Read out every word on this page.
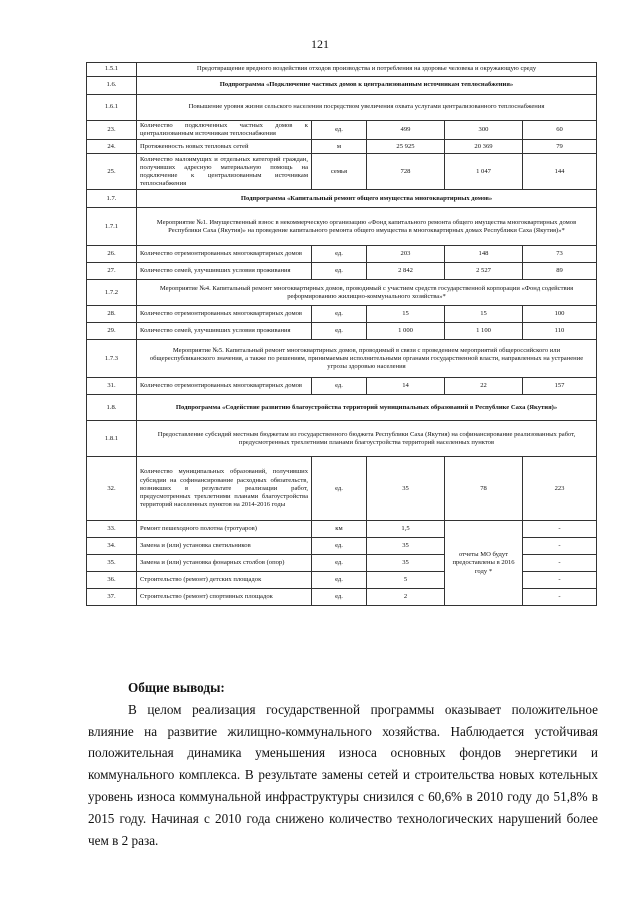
121
1.5.1	Предотвращение вредного воздействия отходов производства и потребления на здоровье человека и окружающую среду				
1.6.	Подпрограмма «Подключение частных домов к централизованным источникам теплоснабжения»				
1.6.1	Повышение уровня жизни сельского населения посредством увеличения охвата услугами централизованного теплоснабжения				
23.	Количество подключенных частных домов к централизованным источникам теплоснабжения	ед.	499	300	60
24.	Протяженность новых тепловых сетей	м	25 925	20 369	79
25.	Количество малоимущих и отдельных категорий граждан, получивших адресную материальную помощь на подключение к централизованным источникам теплоснабжения	семья	728	1 047	144
1.7.	Подпрограмма «Капитальный ремонт общего имущества многоквартирных домов»				
1.7.1	Мероприятие №1. Имущественный взнос в некоммерческую организацию «Фонд капитального ремонта общего имущества многоквартирных домов Республики Саха (Якутия)» на проведение капитального ремонта общего имущества в многоквартирных домах Республики Саха (Якутия)»*				
26.	Количество отремонтированных многоквартирных домов	ед.	203	148	73
27.	Количество семей, улучшивших условия проживания	ед.	2 842	2 527	89
1.7.2	Мероприятие №4. Капитальный ремонт многоквартирных домов, проводимый с участием средств государственной корпорации «Фонд содействия реформированию жилищно-коммунального хозяйства»*				
28.	Количество отремонтированных многоквартирных домов	ед.	15	15	100
29.	Количество семей, улучшивших условия проживания	ед.	1 000	1 100	110
1.7.3	Мероприятие №5. Капитальный ремонт многоквартирных домов, проводимый в связи с проведением мероприятий общероссийского или общереспубликанского значения, а также по решениям, принимаемым исполнительными органами государственной власти, направленных на устранение угрозы здоровью населения				
31.	Количество отремонтированных многоквартирных домов	ед.	14	22	157
1.8.	Подпрограмма «Содействие развитию благоустройства территорий муниципальных образований в Республике Саха (Якутия)»				
1.8.1	Предоставление субсидий местным бюджетам из государственного бюджета Республики Саха (Якутия) на софинансирование реализованных работ, предусмотренных трехлетними планами благоустройства территорий населенных пунктов				
32.	Количество муниципальных образований, получивших субсидии на софинансирование расходных обязательств, возникших в результате реализации работ, предусмотренных трехлетними планами благоустройства территорий населенных пунктов на 2014-2016 годы	ед.	35	78	223
33.	Ремонт пешеходного полотна (тротуаров)	км	1,5	отчеты МО будут предоставлены в 2016 году *	-
34.	Замена и (или) установка светильников	ед.	35		-
35.	Замена и (или) установка фонарных столбов (опор)	ед.	35		-
36.	Строительство (ремонт) детских площадок	ед.	5		-
37.	Строительство (ремонт) спортивных площадок	ед.	2		-
Общие выводы:

В целом реализация государственной программы оказывает положительное влияние на развитие жилищно-коммунального хозяйства. Наблюдается устойчивая положительная динамика уменьшения износа основных фондов энергетики и коммунального комплекса. В результате замены сетей и строительства новых котельных уровень износа коммунальной инфраструктуры снизился с 60,6% в 2010 году до 51,8% в 2015 году. Начиная с 2010 года снижено количество технологических нарушений более чем в 2 раза.
